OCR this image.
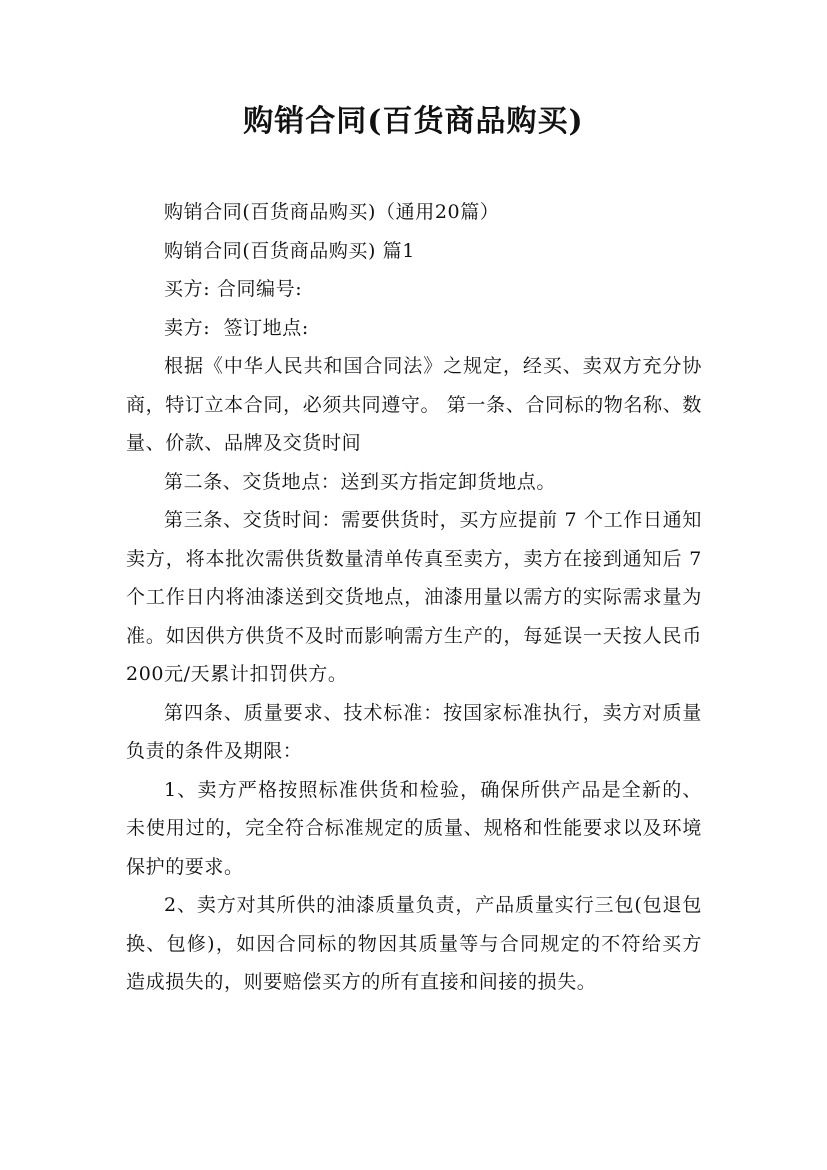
购销合同(百货商品购买)

购销合同(百货商品购买)（通用20篇）

购销合同(百货商品购买) 篇1

买方: 合同编号:

卖方:  签订地点:

根据《中华人民共和国合同法》之规定，经买、卖双方充分协商，特订立本合同，必须共同遵守。 第一条、合同标的物名称、数量、价款、品牌及交货时间

第二条、交货地点：送到买方指定卸货地点。

第三条、交货时间：需要供货时，买方应提前 7 个工作日通知卖方，将本批次需供货数量清单传真至卖方，卖方在接到通知后 7个工作日内将油漆送到交货地点，油漆用量以需方的实际需求量为准。如因供方供货不及时而影响需方生产的，每延误一天按人民币200元/天累计扣罚供方。

第四条、质量要求、技术标准：按国家标准执行，卖方对质量负责的条件及期限：

1、卖方严格按照标准供货和检验，确保所供产品是全新的、未使用过的，完全符合标准规定的质量、规格和性能要求以及环境保护的要求。

2、卖方对其所供的油漆质量负责，产品质量实行三包(包退包换、包修)，如因合同标的物因其质量等与合同规定的不符给买方造成损失的，则要赔偿买方的所有直接和间接的损失。
